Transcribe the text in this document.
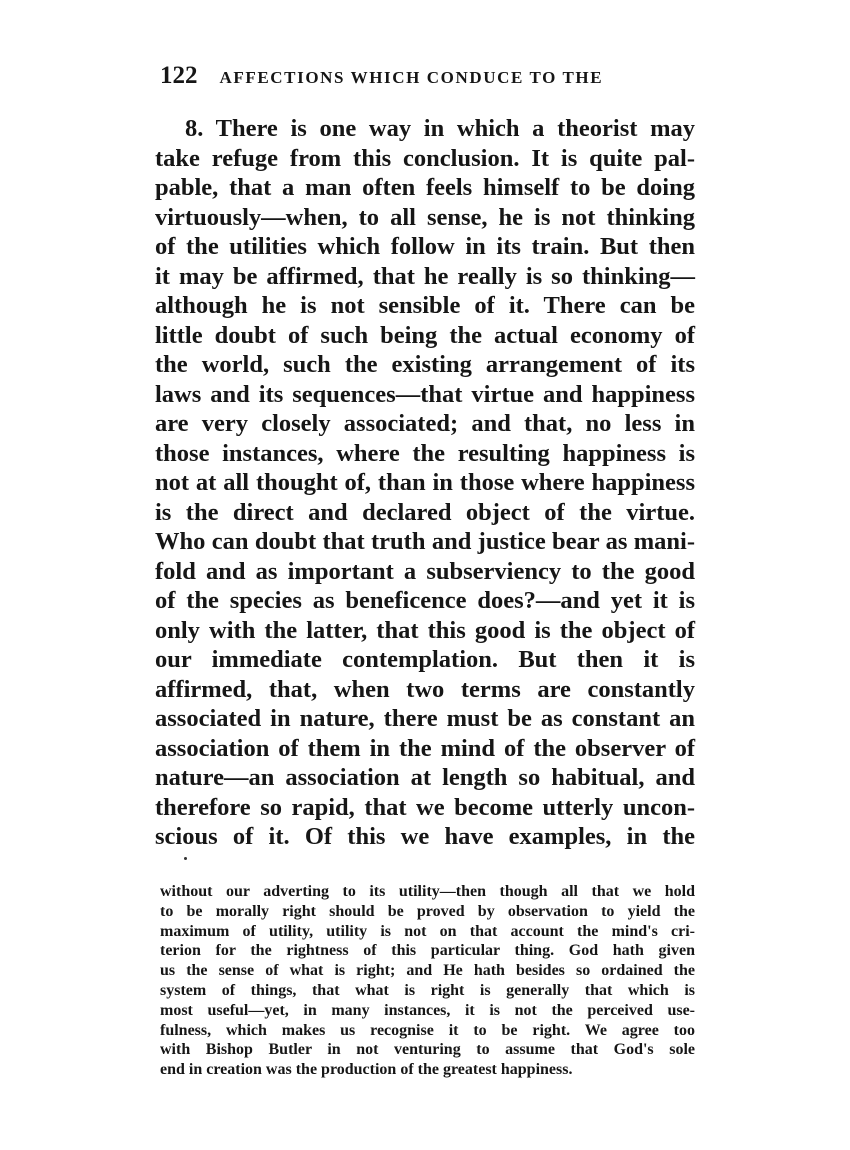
122 AFFECTIONS WHICH CONDUCE TO THE
8. There is one way in which a theorist may
take refuge from this conclusion. It is quite pal-
pable, that a man often feels himself to be doing
virtuously—when, to all sense, he is not thinking
of the utilities which follow in its train. But then
it may be affirmed, that he really is so thinking—
although he is not sensible of it. There can be
little doubt of such being the actual economy of
the world, such the existing arrangement of its
laws and its sequences—that virtue and happiness
are very closely associated; and that, no less in
those instances, where the resulting happiness is
not at all thought of, than in those where happiness
is the direct and declared object of the virtue.
Who can doubt that truth and justice bear as mani-
fold and as important a subserviency to the good
of the species as beneficence does?—and yet it is
only with the latter, that this good is the object of
our immediate contemplation. But then it is
affirmed, that, when two terms are constantly
associated in nature, there must be as constant an
association of them in the mind of the observer of
nature—an association at length so habitual, and
therefore so rapid, that we become utterly uncon-
scious of it. Of this we have examples, in the
without our adverting to its utility—then though all that we hold
to be morally right should be proved by observation to yield the
maximum of utility, utility is not on that account the mind's cri-
terion for the rightness of this particular thing. God hath given
us the sense of what is right; and He hath besides so ordained the
system of things, that what is right is generally that which is
most useful—yet, in many instances, it is not the perceived use-
fulness, which makes us recognise it to be right. We agree too
with Bishop Butler in not venturing to assume that God's sole
end in creation was the production of the greatest happiness.
